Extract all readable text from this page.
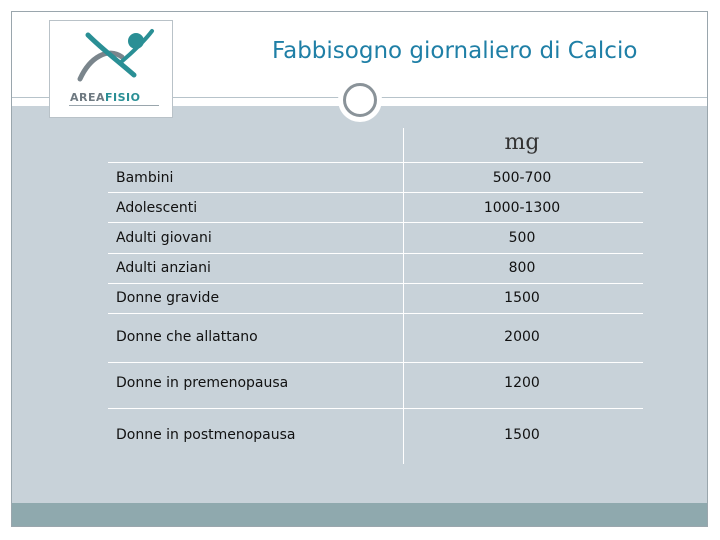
AREAFISIO
Fabbisogno giornaliero di Calcio
mg
Bambini	500-700
Adolescenti	1000-1300
Adulti giovani	500
Adulti anziani	800
Donne gravide	1500
Donne che allattano	2000
Donne in premenopausa	1200
Donne in postmenopausa	1500
